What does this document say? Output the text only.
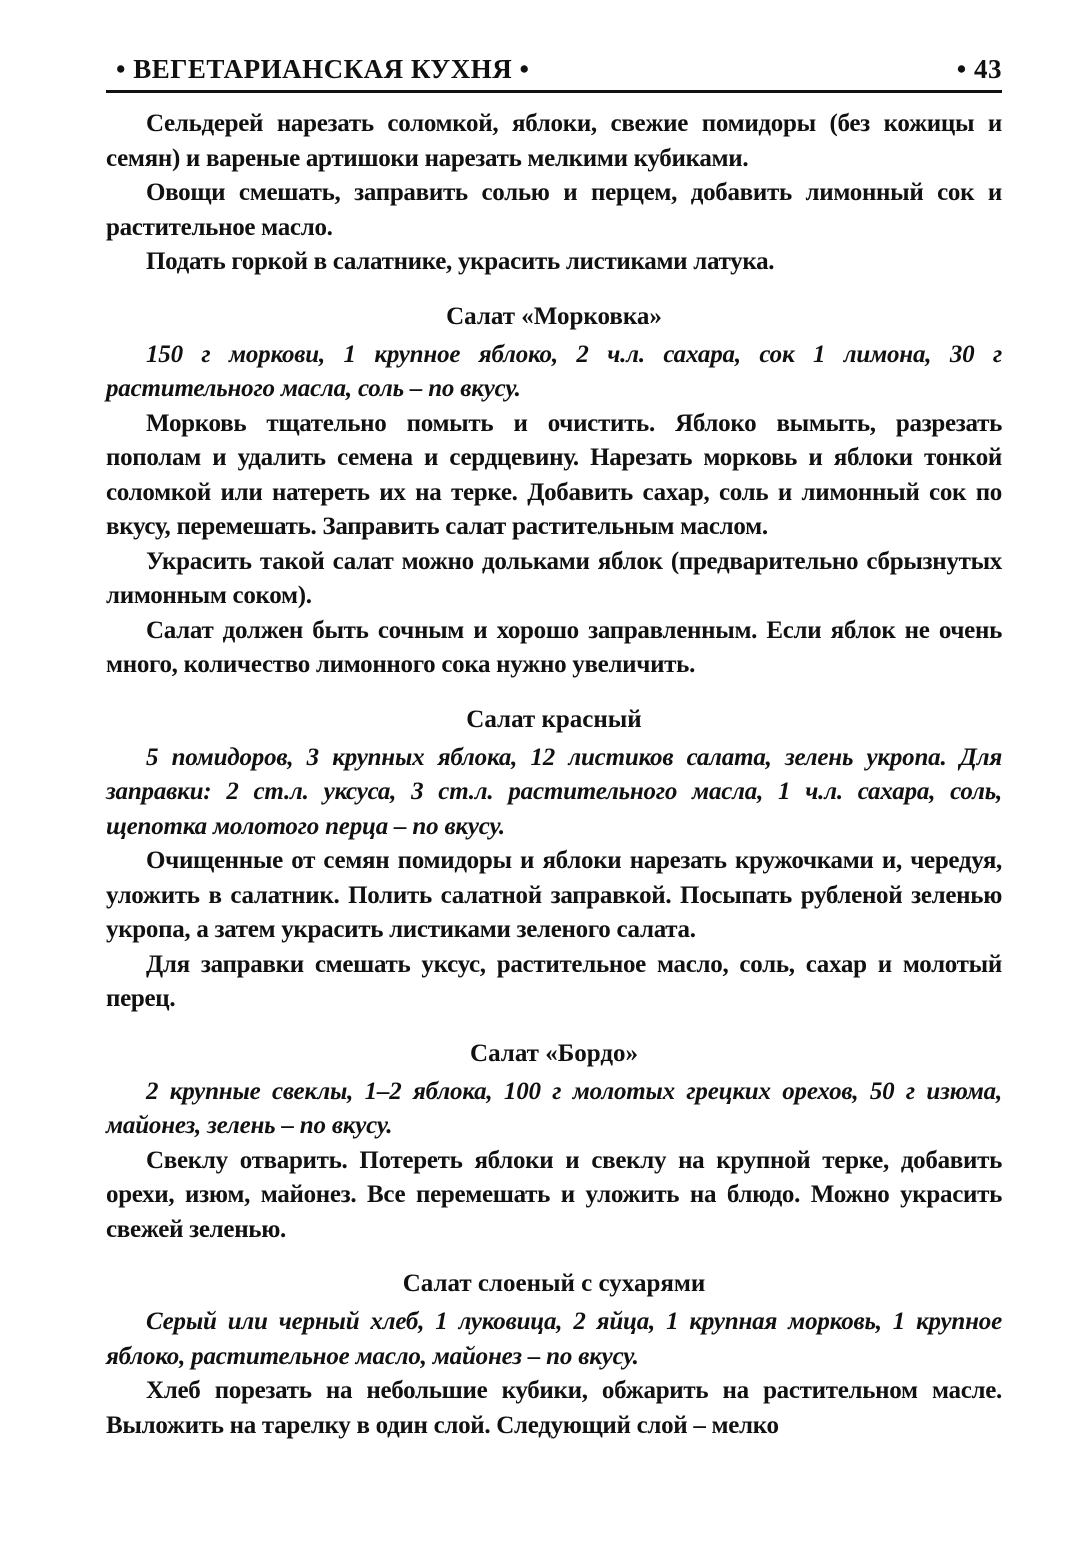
• ВЕГЕТАРИАНСКАЯ КУХНЯ •	• 43

Сельдерей нарезать соломкой, яблоки, свежие помидоры (без кожицы и семян) и вареные артишоки нарезать мелкими кубиками.

Овощи смешать, заправить солью и перцем, добавить лимонный сок и растительное масло.

Подать горкой в салатнике, украсить листиками латука.

Салат «Морковка»

150 г моркови, 1 крупное яблоко, 2 ч.л. сахара, сок 1 лимона, 30 г растительного масла, соль – по вкусу.

Морковь тщательно помыть и очистить. Яблоко вымыть, разрезать пополам и удалить семена и сердцевину. Нарезать морковь и яблоки тонкой соломкой или натереть их на терке. Добавить сахар, соль и лимонный сок по вкусу, перемешать. Заправить салат растительным маслом.

Украсить такой салат можно дольками яблок (предварительно сбрызнутых лимонным соком).

Салат должен быть сочным и хорошо заправленным. Если яблок не очень много, количество лимонного сока нужно увеличить.

Салат красный

5 помидоров, 3 крупных яблока, 12 листиков салата, зелень укропа. Для заправки: 2 ст.л. уксуса, 3 ст.л. растительного масла, 1 ч.л. сахара, соль, щепотка молотого перца – по вкусу.

Очищенные от семян помидоры и яблоки нарезать кружочками и, чередуя, уложить в салатник. Полить салатной заправкой. Посыпать рубленой зеленью укропа, а затем украсить листиками зеленого салата.

Для заправки смешать уксус, растительное масло, соль, сахар и молотый перец.

Салат «Бордо»

2 крупные свеклы, 1–2 яблока, 100 г молотых грецких орехов, 50 г изюма, майонез, зелень – по вкусу.

Свеклу отварить. Потереть яблоки и свеклу на крупной терке, добавить орехи, изюм, майонез. Все перемешать и уложить на блюдо. Можно украсить свежей зеленью.

Салат слоеный с сухарями

Серый или черный хлеб, 1 луковица, 2 яйца, 1 крупная морковь, 1 крупное яблоко, растительное масло, майонез – по вкусу.

Хлеб порезать на небольшие кубики, обжарить на растительном масле. Выложить на тарелку в один слой. Следующий слой – мелко
